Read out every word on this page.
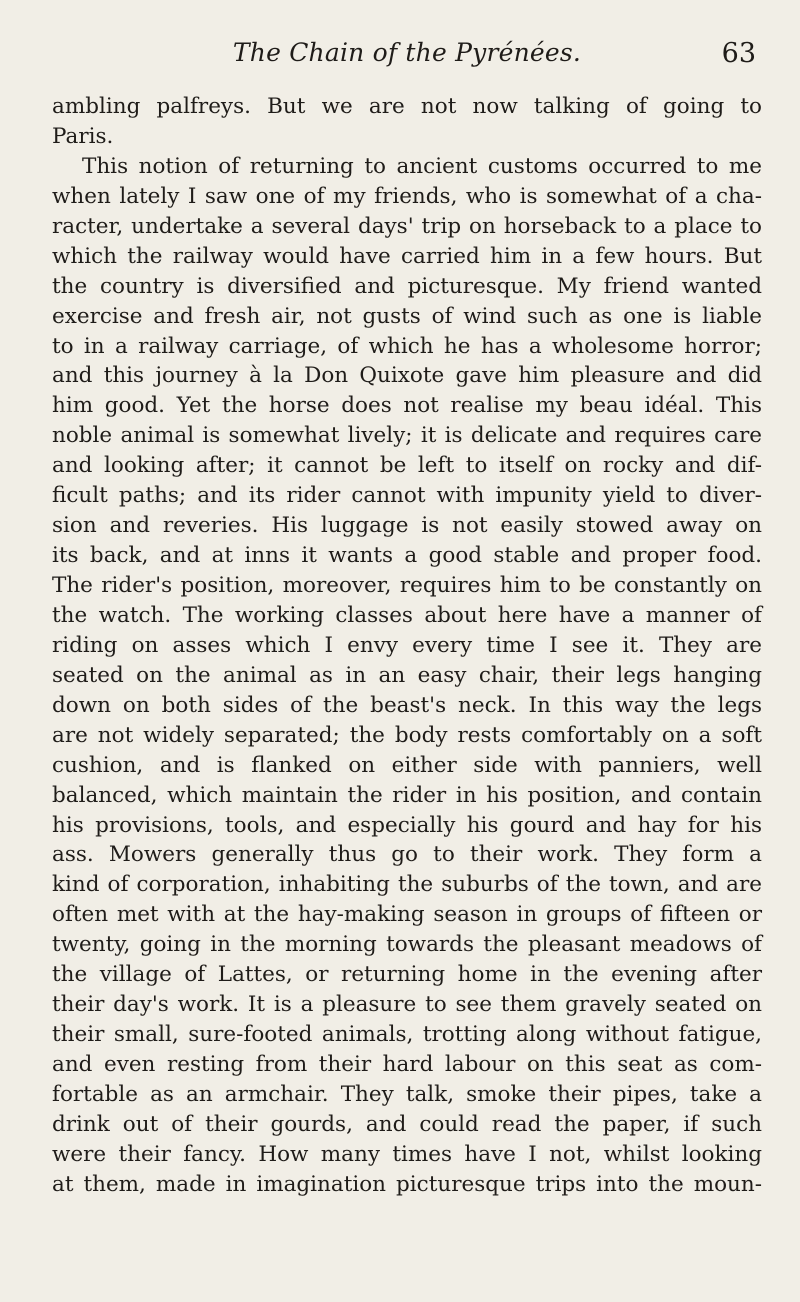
The Chain of the Pyrénées.	63
ambling palfreys. But we are not now talking of going to
Paris.
This notion of returning to ancient customs occurred to me
when lately I saw one of my friends, who is somewhat of a cha-
racter, undertake a several days' trip on horseback to a place to
which the railway would have carried him in a few hours. But
the country is diversified and picturesque. My friend wanted
exercise and fresh air, not gusts of wind such as one is liable
to in a railway carriage, of which he has a wholesome horror;
and this journey à la Don Quixote gave him pleasure and did
him good. Yet the horse does not realise my beau idéal. This
noble animal is somewhat lively; it is delicate and requires care
and looking after; it cannot be left to itself on rocky and dif-
ficult paths; and its rider cannot with impunity yield to diver-
sion and reveries. His luggage is not easily stowed away on
its back, and at inns it wants a good stable and proper food.
The rider's position, moreover, requires him to be constantly on
the watch. The working classes about here have a manner of
riding on asses which I envy every time I see it. They are
seated on the animal as in an easy chair, their legs hanging
down on both sides of the beast's neck. In this way the legs
are not widely separated; the body rests comfortably on a soft
cushion, and is flanked on either side with panniers, well
balanced, which maintain the rider in his position, and contain
his provisions, tools, and especially his gourd and hay for his
ass. Mowers generally thus go to their work. They form a
kind of corporation, inhabiting the suburbs of the town, and are
often met with at the hay-making season in groups of fifteen or
twenty, going in the morning towards the pleasant meadows of
the village of Lattes, or returning home in the evening after
their day's work. It is a pleasure to see them gravely seated on
their small, sure-footed animals, trotting along without fatigue,
and even resting from their hard labour on this seat as com-
fortable as an armchair. They talk, smoke their pipes, take a
drink out of their gourds, and could read the paper, if such
were their fancy. How many times have I not, whilst looking
at them, made in imagination picturesque trips into the moun-
